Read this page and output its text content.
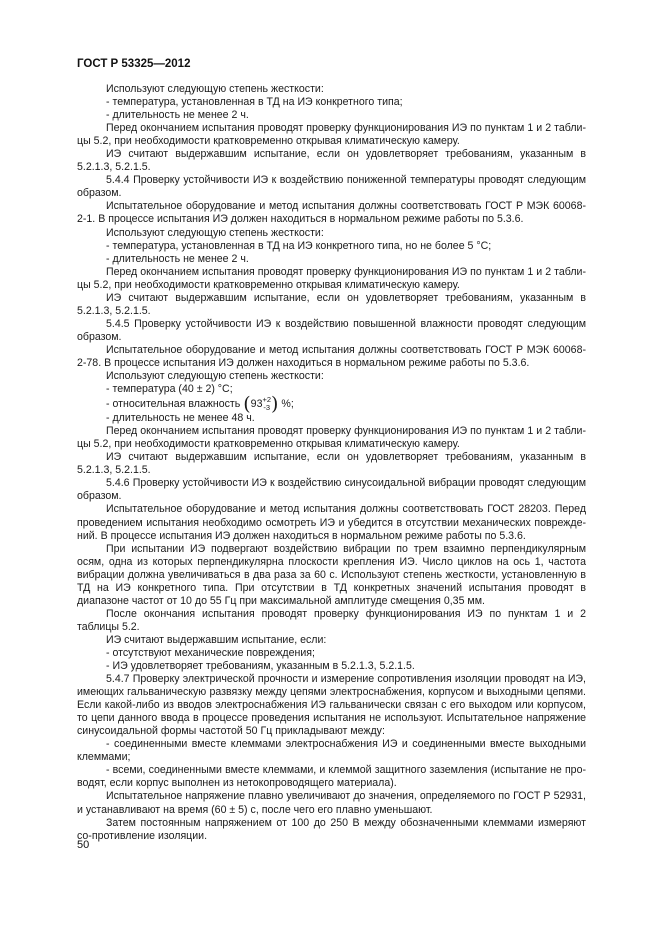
ГОСТ Р 53325—2012

Используют следующую степень жесткости:

- температура, установленная в ТД на ИЭ конкретного типа;

- длительность не менее 2 ч.

Перед окончанием испытания проводят проверку функционирования ИЭ по пунктам 1 и 2 табли-цы 5.2, при необходимости кратковременно открывая климатическую камеру.

ИЭ считают выдержавшим испытание, если он удовлетворяет требованиям, указанным в 5.2.1.3, 5.2.1.5.

5.4.4 Проверку устойчивости ИЭ к воздействию пониженной температуры проводят следующим образом.

Испытательное оборудование и метод испытания должны соответствовать ГОСТ Р МЭК 60068-2-1. В процессе испытания ИЭ должен находиться в нормальном режиме работы по 5.3.6.

Используют следующую степень жесткости:

- температура, установленная в ТД на ИЭ конкретного типа, но не более 5 °С;

- длительность не менее 2 ч.

Перед окончанием испытания проводят проверку функционирования ИЭ по пунктам 1 и 2 табли-цы 5.2, при необходимости кратковременно открывая климатическую камеру.

ИЭ считают выдержавшим испытание, если он удовлетворяет требованиям, указанным в 5.2.1.3, 5.2.1.5.

5.4.5 Проверку устойчивости ИЭ к воздействию повышенной влажности проводят следующим образом.

Испытательное оборудование и метод испытания должны соответствовать ГОСТ Р МЭК 60068-2-78. В процессе испытания ИЭ должен находиться в нормальном режиме работы по 5.3.6.

Используют следующую степень жесткости:

- температура (40 ± 2) °С;

- относительная влажность (93 +2
-3 ) %;

- длительность не менее 48 ч.

Перед окончанием испытания проводят проверку функционирования ИЭ по пунктам 1 и 2 табли-цы 5.2, при необходимости кратковременно открывая климатическую камеру.

ИЭ считают выдержавшим испытание, если он удовлетворяет требованиям, указанным в 5.2.1.3, 5.2.1.5.

5.4.6 Проверку устойчивости ИЭ к воздействию синусоидальной вибрации проводят следующим образом.

Испытательное оборудование и метод испытания должны соответствовать ГОСТ 28203. Перед проведением испытания необходимо осмотреть ИЭ и убедится в отсутствии механических поврежде-ний. В процессе испытания ИЭ должен находиться в нормальном режиме работы по 5.3.6.

При испытании ИЭ подвергают воздействию вибрации по трем взаимно перпендикулярным осям, одна из которых перпендикулярна плоскости крепления ИЭ. Число циклов на ось 1, частота вибрации должна увеличиваться в два раза за 60 с. Используют степень жесткости, установленную в ТД на ИЭ конкретного типа. При отсутствии в ТД конкретных значений испытания проводят в диапазоне частот от 10 до 55 Гц при максимальной амплитуде смещения 0,35 мм.

После окончания испытания проводят проверку функционирования ИЭ по пунктам 1 и 2 таблицы 5.2.

ИЭ считают выдержавшим испытание, если:

- отсутствуют механические повреждения;

- ИЭ удовлетворяет требованиям, указанным в 5.2.1.3, 5.2.1.5.

5.4.7 Проверку электрической прочности и измерение сопротивления изоляции проводят на ИЭ, имеющих гальваническую развязку между цепями электроснабжения, корпусом и выходными цепями. Если какой-либо из вводов электроснабжения ИЭ гальванически связан с его выходом или корпусом, то цепи данного ввода в процессе проведения испытания не используют. Испытательное напряжение синусоидальной формы частотой 50 Гц прикладывают между:

- соединенными вместе клеммами электроснабжения ИЭ и соединенными вместе выходными клеммами;

- всеми, соединенными вместе клеммами, и клеммой защитного заземления (испытание не про-водят, если корпус выполнен из нетокопроводящего материала).

Испытательное напряжение плавно увеличивают до значения, определяемого по ГОСТ Р 52931, и устанавливают на время (60 ± 5) с, после чего его плавно уменьшают.

Затем постоянным напряжением от 100 до 250 В между обозначенными клеммами измеряют со-противление изоляции.

50
